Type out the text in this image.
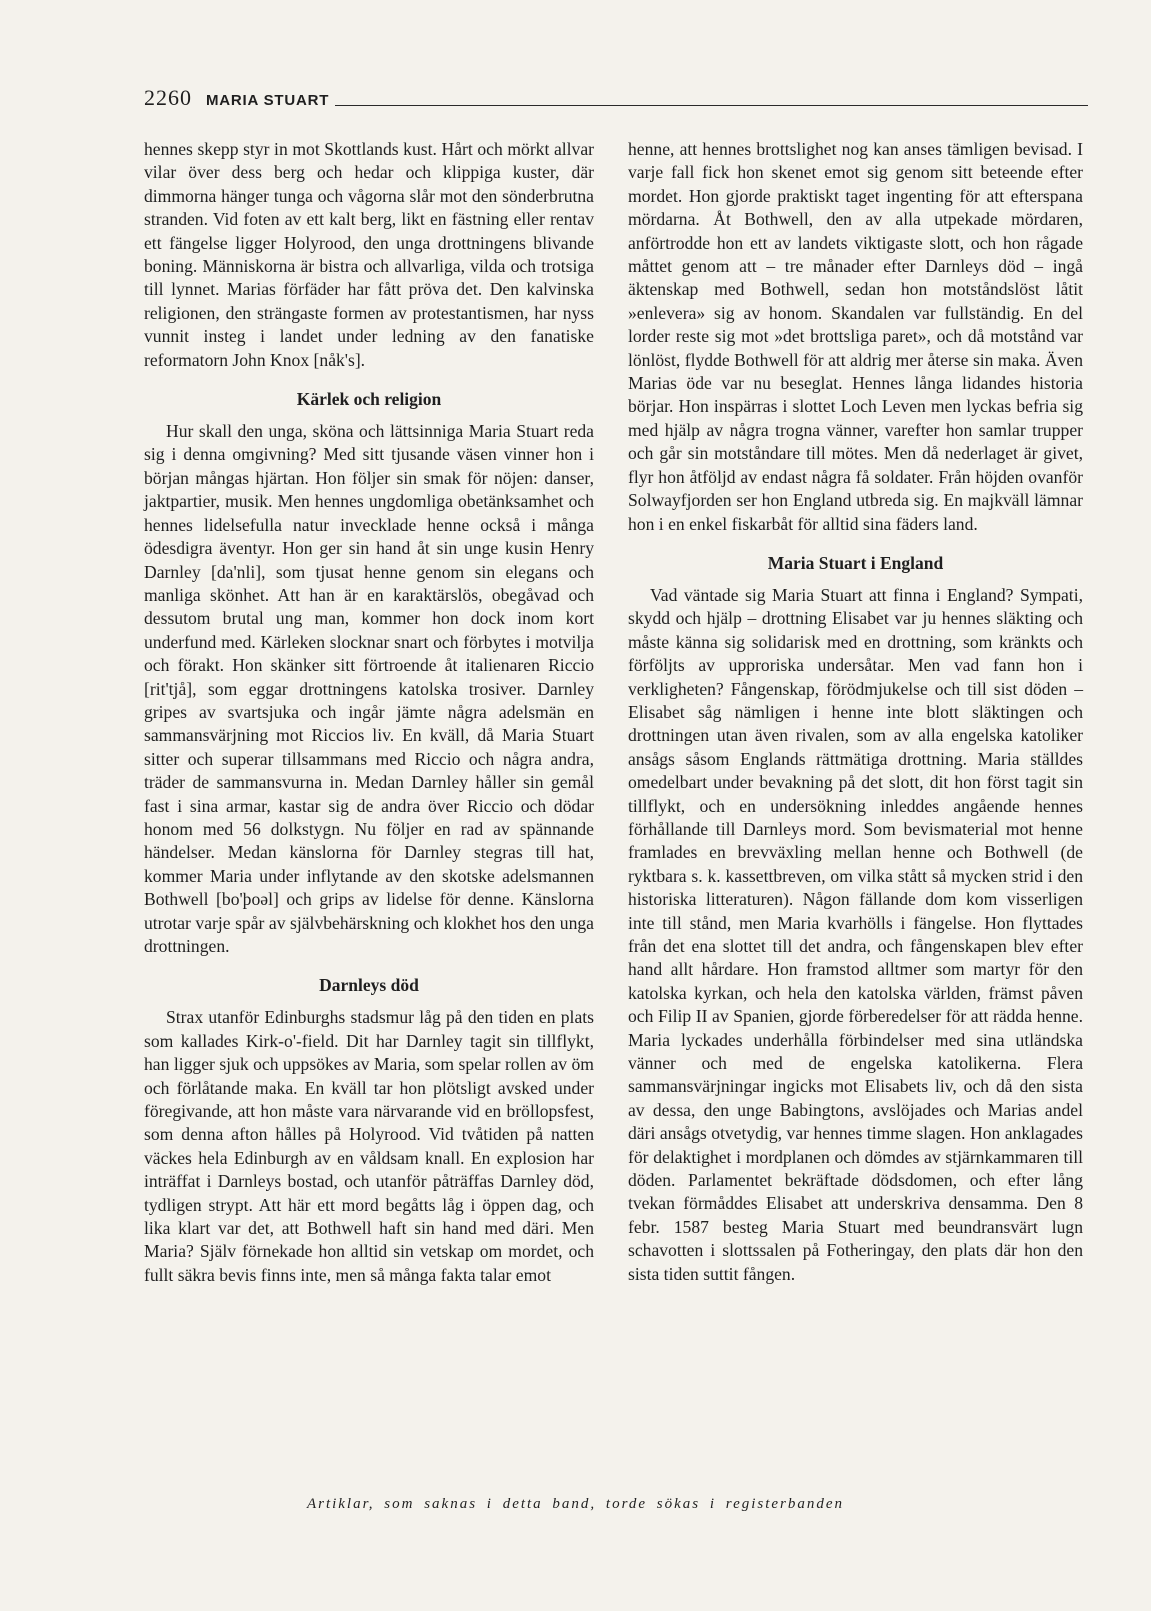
2260 MARIA STUART

hennes skepp styr in mot Skottlands kust. Hårt och mörkt allvar vilar över dess berg och hedar och klippiga kuster, där dimmorna hänger tunga och vågorna slår mot den sönderbrutna stranden. Vid foten av ett kalt berg, likt en fästning eller rentav ett fängelse ligger Holyrood, den unga drottningens blivande boning. Människorna är bistra och allvarliga, vilda och trotsiga till lynnet. Marias förfäder har fått pröva det. Den kalvinska religionen, den strängaste formen av protestantismen, har nyss vunnit insteg i landet under ledning av den fanatiske reformatorn John Knox [nåk's].

Kärlek och religion

Hur skall den unga, sköna och lättsinniga Maria Stuart reda sig i denna omgivning? Med sitt tjusande väsen vinner hon i början mångas hjärtan. Hon följer sin smak för nöjen: danser, jaktpartier, musik. Men hennes ungdomliga obetänksamhet och hennes lidelsefulla natur invecklade henne också i många ödesdigra äventyr. Hon ger sin hand åt sin unge kusin Henry Darnley [da'nli], som tjusat henne genom sin elegans och manliga skönhet. Att han är en karaktärslös, obegåvad och dessutom brutal ung man, kommer hon dock inom kort underfund med. Kärleken slocknar snart och förbytes i motvilja och förakt. Hon skänker sitt förtroende åt italienaren Riccio [rit'tjå], som eggar drottningens katolska trosiver. Darnley gripes av svartsjuka och ingår jämte några adelsmän en sammansvärjning mot Riccios liv. En kväll, då Maria Stuart sitter och superar tillsammans med Riccio och några andra, träder de sammansvurna in. Medan Darnley håller sin gemål fast i sina armar, kastar sig de andra över Riccio och dödar honom med 56 dolkstygn. Nu följer en rad av spännande händelser. Medan känslorna för Darnley stegras till hat, kommer Maria under inflytande av den skotske adelsmannen Bothwell [bo'þoəl] och grips av lidelse för denne. Känslorna utrotar varje spår av självbehärskning och klokhet hos den unga drottningen.

Darnleys död

Strax utanför Edinburghs stadsmur låg på den tiden en plats som kallades Kirk-o'-field. Dit har Darnley tagit sin tillflykt, han ligger sjuk och uppsökes av Maria, som spelar rollen av öm och förlåtande maka. En kväll tar hon plötsligt avsked under föregivande, att hon måste vara närvarande vid en bröllopsfest, som denna afton hålles på Holyrood. Vid tvåtiden på natten väckes hela Edinburgh av en våldsam knall. En explosion har inträffat i Darnleys bostad, och utanför påträffas Darnley död, tydligen strypt. Att här ett mord begåtts låg i öppen dag, och lika klart var det, att Bothwell haft sin hand med däri. Men Maria? Själv förnekade hon alltid sin vetskap om mordet, och fullt säkra bevis finns inte, men så många fakta talar emot

henne, att hennes brottslighet nog kan anses tämligen bevisad. I varje fall fick hon skenet emot sig genom sitt beteende efter mordet. Hon gjorde praktiskt taget ingenting för att efterspana mördarna. Åt Bothwell, den av alla utpekade mördaren, anförtrodde hon ett av landets viktigaste slott, och hon rågade måttet genom att – tre månader efter Darnleys död – ingå äktenskap med Bothwell, sedan hon motståndslöst låtit »enlevera» sig av honom. Skandalen var fullständig. En del lorder reste sig mot »det brottsliga paret», och då motstånd var lönlöst, flydde Bothwell för att aldrig mer återse sin maka. Även Marias öde var nu beseglat. Hennes långa lidandes historia börjar. Hon inspärras i slottet Loch Leven men lyckas befria sig med hjälp av några trogna vänner, varefter hon samlar trupper och går sin motståndare till mötes. Men då nederlaget är givet, flyr hon åtföljd av endast några få soldater. Från höjden ovanför Solwayfjorden ser hon England utbreda sig. En majkväll lämnar hon i en enkel fiskarbåt för alltid sina fäders land.

Maria Stuart i England

Vad väntade sig Maria Stuart att finna i England? Sympati, skydd och hjälp – drottning Elisabet var ju hennes släkting och måste känna sig solidarisk med en drottning, som kränkts och förföljts av upproriska undersåtar. Men vad fann hon i verkligheten? Fångenskap, förödmjukelse och till sist döden – Elisabet såg nämligen i henne inte blott släktingen och drottningen utan även rivalen, som av alla engelska katoliker ansågs såsom Englands rättmätiga drottning. Maria ställdes omedelbart under bevakning på det slott, dit hon först tagit sin tillflykt, och en undersökning inleddes angående hennes förhållande till Darnleys mord. Som bevismaterial mot henne framlades en brevväxling mellan henne och Bothwell (de ryktbara s. k. kassettbreven, om vilka stått så mycken strid i den historiska litteraturen). Någon fällande dom kom visserligen inte till stånd, men Maria kvarhölls i fängelse. Hon flyttades från det ena slottet till det andra, och fångenskapen blev efter hand allt hårdare. Hon framstod alltmer som martyr för den katolska kyrkan, och hela den katolska världen, främst påven och Filip II av Spanien, gjorde förberedelser för att rädda henne. Maria lyckades underhålla förbindelser med sina utländska vänner och med de engelska katolikerna. Flera sammansvärjningar ingicks mot Elisabets liv, och då den sista av dessa, den unge Babingtons, avslöjades och Marias andel däri ansågs otvetydig, var hennes timme slagen. Hon anklagades för delaktighet i mordplanen och dömdes av stjärnkammaren till döden. Parlamentet bekräftade dödsdomen, och efter lång tvekan förmåddes Elisabet att underskriva densamma. Den 8 febr. 1587 besteg Maria Stuart med beundransvärt lugn schavotten i slottssalen på Fotheringay, den plats där hon den sista tiden suttit fången.

Artiklar, som saknas i detta band, torde sökas i registerbanden
